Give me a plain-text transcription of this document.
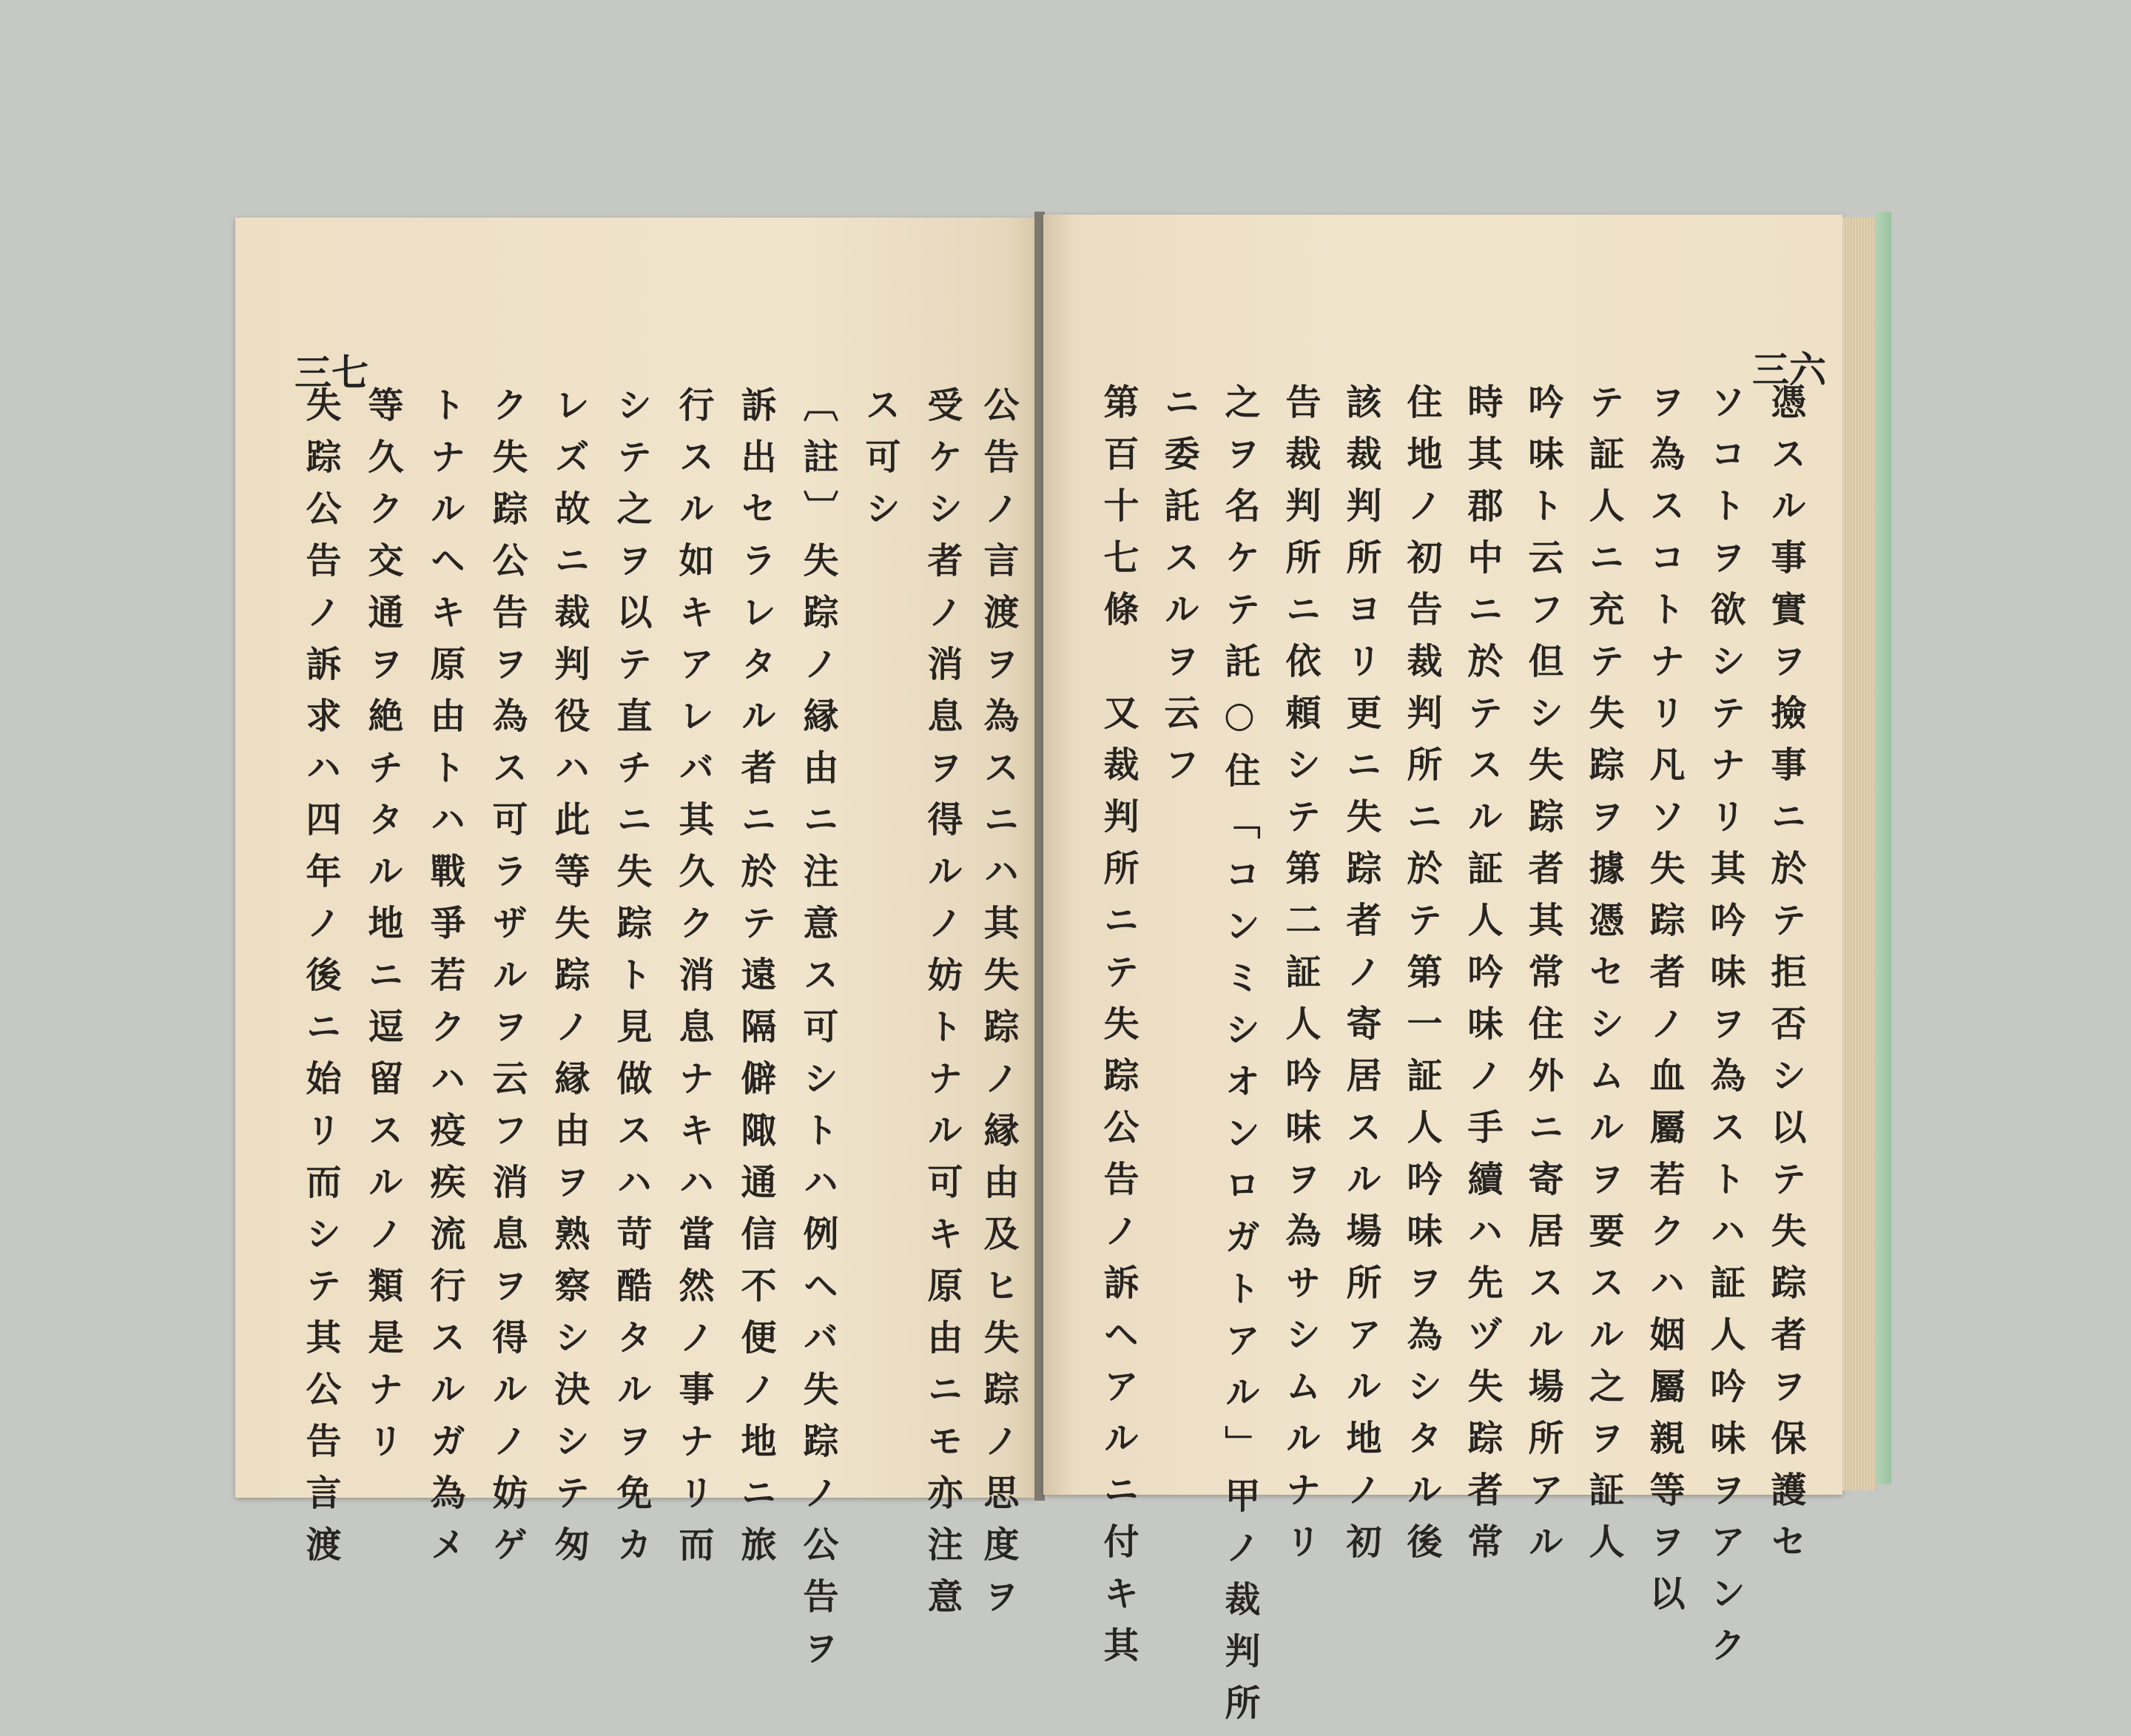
三七
失踪公告ノ訴求ハ四年ノ後ニ始リ而シテ其公告言渡 等久ク交通ヲ絶チタル地ニ逗留スルノ類是ナリ トナルヘキ原由トハ戰爭若クハ疫疾流行スルガ為メ ク失踪公告ヲ為ス可ラザルヲ云フ消息ヲ得ルノ妨ゲ レズ故ニ裁判役ハ此等失踪ノ縁由ヲ熟察シ決シテ匆 シテ之ヲ以テ直チニ失踪ト見做スハ苛酷タルヲ免カ 行スル如キアレバ其久ク消息ナキハ當然ノ事ナリ而 訴出セラレタル者ニ於テ遠隔僻陬通信不便ノ地ニ旅 〔註〕失踪ノ縁由ニ注意ス可シトハ例ヘバ失踪ノ公告ヲ ス可シ 受ケシ者ノ消息ヲ得ルノ妨トナル可キ原由ニモ亦注意 公告ノ言渡ヲ為スニハ其失踪ノ縁由及ヒ失踪ノ思度ヲ
三六
第百十七條　又裁判所ニテ失踪公告ノ訴ヘアルニ付キ其 ニ委託スルヲ云フ 之ヲ名ケテ託○住「コンミシオンロガトアル」甲ノ裁判所 告裁判所ニ依頼シテ第二証人吟味ヲ為サシムルナリ 該裁判所ヨリ更ニ失踪者ノ寄居スル場所アル地ノ初 住地ノ初告裁判所ニ於テ第一証人吟味ヲ為シタル後 時其郡中ニ於テスル証人吟味ノ手續ハ先ヅ失踪者常 吟味ト云フ但シ失踪者其常住外ニ寄居スル場所アル テ証人ニ充テ失踪ヲ據憑セシムルヲ要スル之ヲ証人 ヲ為スコトナリ凡ソ失踪者ノ血屬若クハ姻屬親等ヲ以 ソコトヲ欲シテナリ其吟味ヲ為ストハ証人吟味ヲアンク 憑スル事實ヲ撿事ニ於テ拒否シ以テ失踪者ヲ保護セ
